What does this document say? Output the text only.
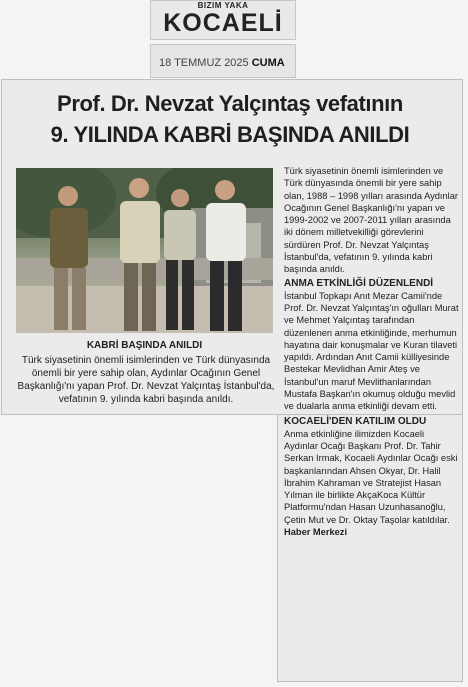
BIZIM YAKA
KOCAELİ
18 TEMMUZ 2025 CUMA
Prof. Dr. Nevzat Yalçıntaş vefatının
9. YILINDA KABRİ BAŞINDA ANILDI
KABRİ BAŞINDA ANILDI
Türk siyasetinin önemli isimlerinden ve Türk dünyasında önemli bir yere sahip olan, Aydınlar Ocağının Genel Başkanlığı'nı yapan Prof. Dr. Nevzat Yalçıntaş İstanbul'da, vefatının 9. yılında kabri başında anıldı.

Türk siyasetinin önemli isimlerinden ve Türk dünyasında önemli bir yere sahip olan, 1988 – 1998 yılları arasında Aydınlar Ocağının Genel Başkanlığı'nı yapan ve 1999-2002 ve 2007-2011 yılları arasında iki dönem milletvekilliği görevlerini sürdüren Prof. Dr. Nevzat Yalçıntaş İstanbul'da, vefatının 9. yılında kabri başında anıldı.

ANMA ETKİNLİĞİ DÜZENLENDİ

İstanbul Topkapı Anıt Mezar Camii'nde Prof. Dr. Nevzat Yalçıntaş'ın oğulları Murat ve Mehmet Yalçıntaş tarafından düzenlenen anma etkinliğinde, merhumun hayatına dair konuşmalar ve Kuran tilaveti yapıldı. Ardından Anıt Camii külliyesinde Bestekar Mevlidhan Amir Ateş ve İstanbul'un maruf Mevlithanlarından Mustafa Başkan'ın okumuş olduğu mevlid ve dualarla anma etkinliği devam etti.

KOCAELİ'DEN KATILIM OLDU

Anma etkinliğine ilimizden Kocaeli Aydınlar Ocağı Başkanı Prof. Dr. Tahir Serkan Irmak, Kocaeli Aydınlar Ocağı eski başkanlarından Ahsen Okyar, Dr. Halil İbrahim Kahraman ve Stratejist Hasan Yılman ile birlikte AkçaKoca Kültür Platformu'ndan Hasan Uzunhasanoğlu, Çetin Mut ve Dr. Oktay Taşolar katıldılar. Haber Merkezi
